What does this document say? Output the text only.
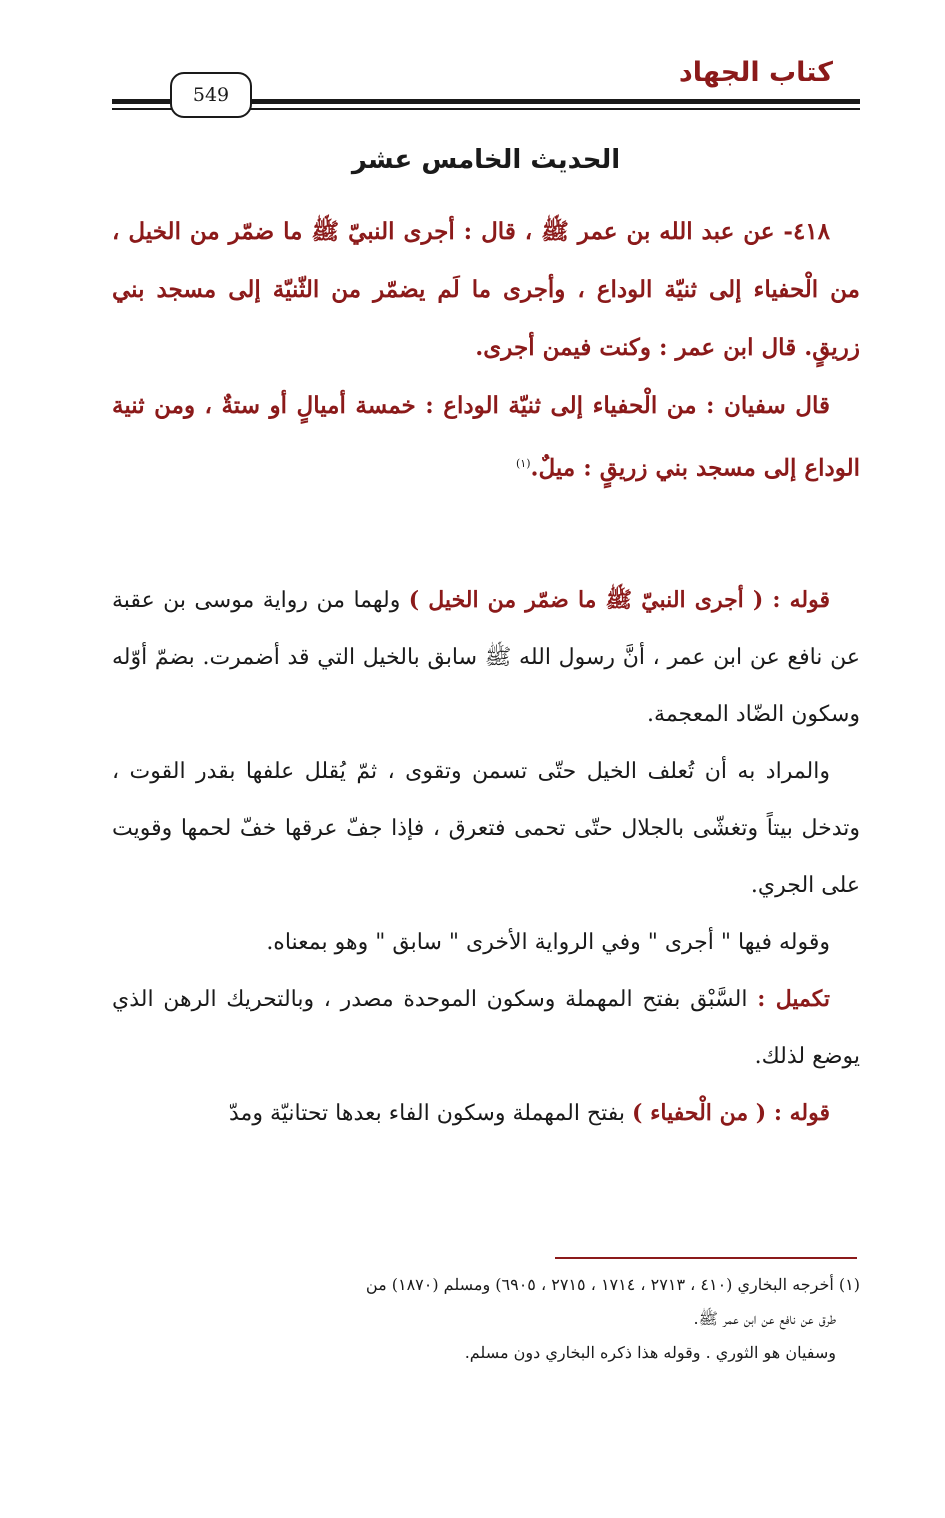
كتاب الجهاد
549
الحديث الخامس عشر

٤١٨- عن عبد الله بن عمر ﷺ ، قال : أجرى النبيّ ﷺ ما ضمّر من الخيل ، من الْحفياء إلى ثنيّة الوداع ، وأجرى ما لَم يضمّر من الثّنيّة إلى مسجد بني زريقٍ. قال ابن عمر : وكنت فيمن أجرى.

قال سفيان : من الْحفياء إلى ثنيّة الوداع : خمسة أميالٍ أو ستةٌ ، ومن ثنية الوداع إلى مسجد بني زريقٍ : ميلٌ.$^{(١)}$

قوله : ( أجرى النبيّ ﷺ ما ضمّر من الخيل ) ولهما من رواية موسى بن عقبة عن نافع عن ابن عمر ، أنَّ رسول الله ﷺ سابق بالخيل التي قد أضمرت. بضمّ أوّله وسكون الضّاد المعجمة.

والمراد به أن تُعلف الخيل حتّى تسمن وتقوى ، ثمّ يُقلل علفها بقدر القوت ، وتدخل بيتاً وتغشّى بالجلال حتّى تحمى فتعرق ، فإذا جفّ عرقها خفّ لحمها وقويت على الجري.

وقوله فيها " أجرى " وفي الرواية الأخرى " سابق " وهو بمعناه.

تكميل : السَّبْق بفتح المهملة وسكون الموحدة مصدر ، وبالتحريك الرهن الذي يوضع لذلك.

قوله : ( من الْحفياء ) بفتح المهملة وسكون الفاء بعدها تحتانيّة ومدّ

(١) أخرجه البخاري (٤١٠ ، ٢٧١٣ ، ١٧١٤ ، ٢٧١٥ ، ٦٩٠٥) ومسلم (١٨٧٠) من

طرق عن نافع عن ابن عمر ﷺ.

وسفيان هو الثوري . وقوله هذا ذكره البخاري دون مسلم.
